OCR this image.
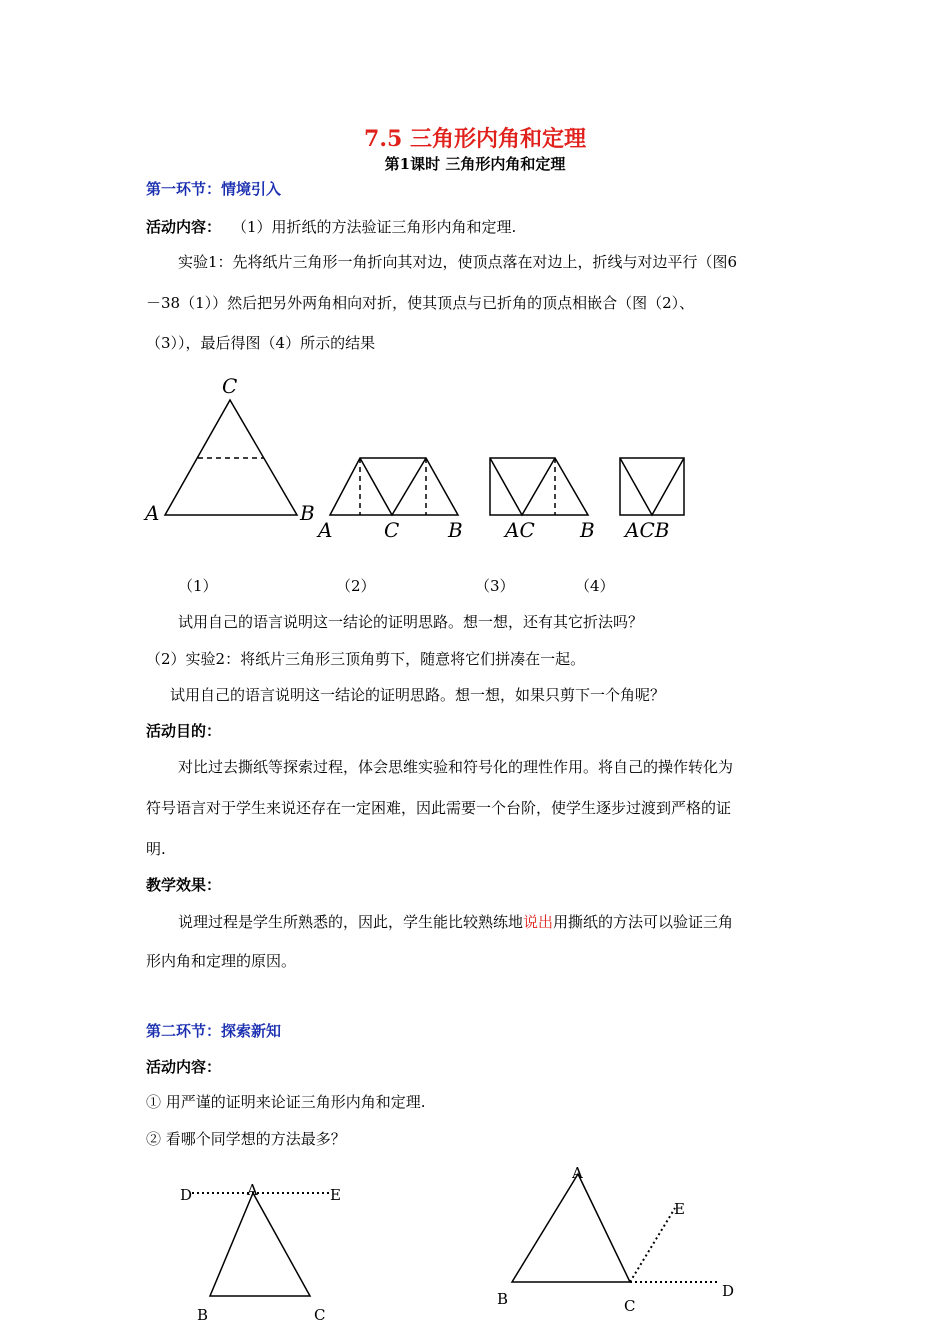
7.5 三角形内角和定理
第1课时 三角形内角和定理
第一环节：情境引入
活动内容： （1）用折纸的方法验证三角形内角和定理.
实验1：先将纸片三角形一角折向其对边，使顶点落在对边上，折线与对边平行（图6
－38（1））然后把另外两角相向对折，使其顶点与已折角的顶点相嵌合（图（2）、
（3）），最后得图（4）所示的结果
C
A	B
A	C B AC B ACB
（1）	（2）	（3）	（4）
试用自己的语言说明这一结论的证明思路。想一想，还有其它折法吗？
（2）实验2：将纸片三角形三顶角剪下，随意将它们拼凑在一起。
试用自己的语言说明这一结论的证明思路。想一想，如果只剪下一个角呢？
活动目的：
对比过去撕纸等探索过程，体会思维实验和符号化的理性作用。将自己的操作转化为
符号语言对于学生来说还存在一定困难，因此需要一个台阶，使学生逐步过渡到严格的证
明.
教学效果：
说理过程是学生所熟悉的，因此，学生能比较熟练地说出用撕纸的方法可以验证三角
形内角和定理的原因。
第二环节：探索新知
活动内容：
① 用严谨的证明来论证三角形内角和定理.
② 看哪个同学想的方法最多？
D	A	E
B	C
A
E
B	C
D
